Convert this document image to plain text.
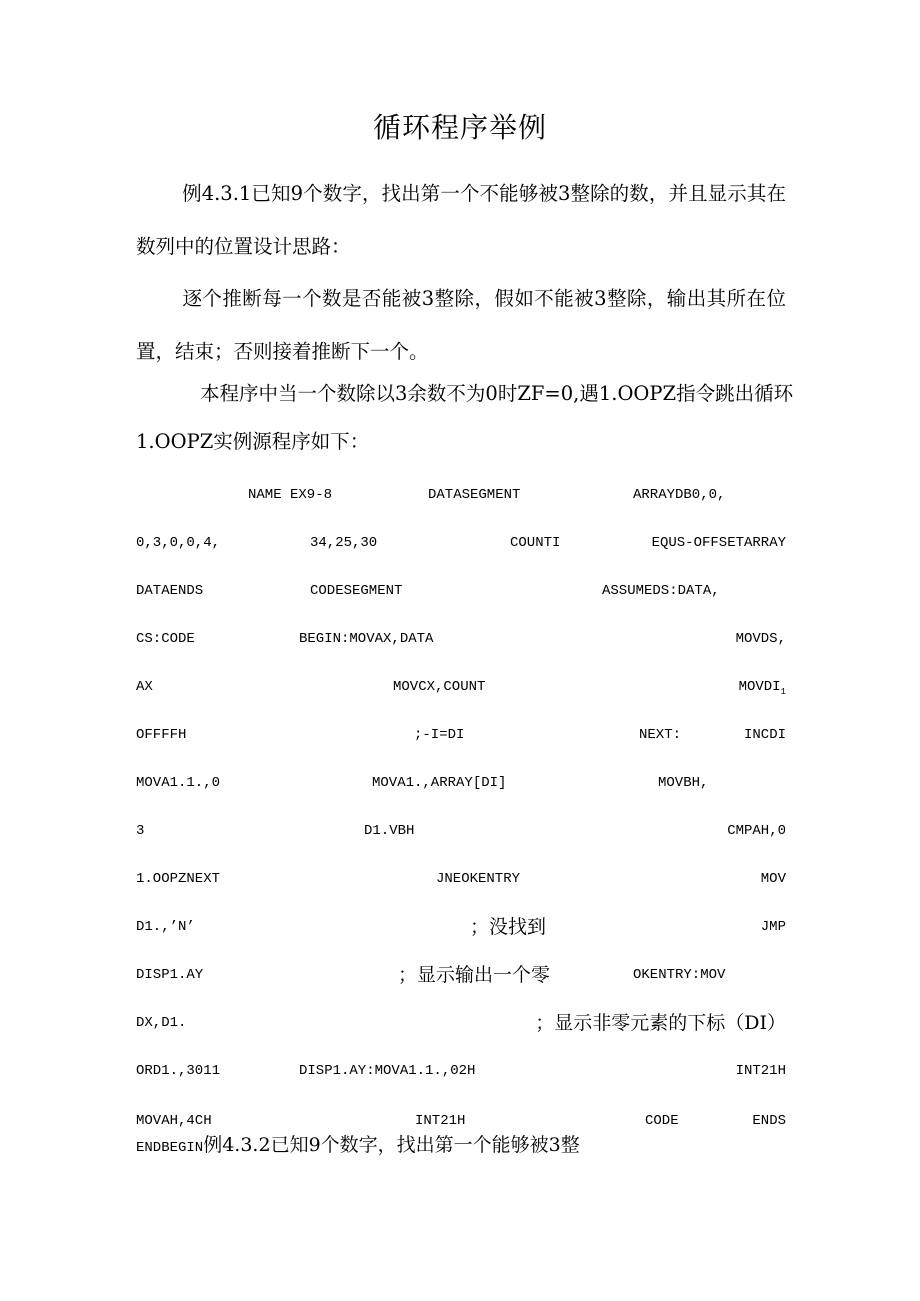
循环程序举例

例4.3.1已知9个数字，找出第一个不能够被3整除的数，并且显示其在数列中的位置设计思路：

逐个推断每一个数是否能被3整除，假如不能被3整除，输出其所在位置，结束；否则接着推断下一个。

本程序中当一个数除以3余数不为0时ZF=0,遇1.OOPZ指令跳出循环

1.OOPZ实例源程序如下：

NAME EX9-8	DATASEGMENT	ARRAYDB0,0,
0,3,0,0,4,	34,25,30	COUNTI	EQUS-OFFSETARRAY
DATAENDS	CODESEGMENT	ASSUMEDS:DATA,
CS:CODE	BEGIN:MOVAX,DATA	MOVDS,
AX	MOVCX,COUNT	$MOVDI_1$
OFFFFH	;-I=DI	NEXT:	INCDI
MOVA1.1.,0	MOVA1.,ARRAY[DI]	MOVBH,
3	D1.VBH	CMPAH,0
1.OOPZNEXT	JNEOKENTRY	MOV
D1.,’N’	；没找到	JMP
DISP1.AY	；显示输出一个零	OKENTRY:MOV
DX,D1.	；显示非零元素的下标（DI）
ORD1.,3011	DISP1.AY:MOVA1.1.,02H	INT21H
MOVAH,4CH	INT21H	CODE	ENDS
ENDBEGIN例4.3.2已知9个数字，找出第一个能够被3整
